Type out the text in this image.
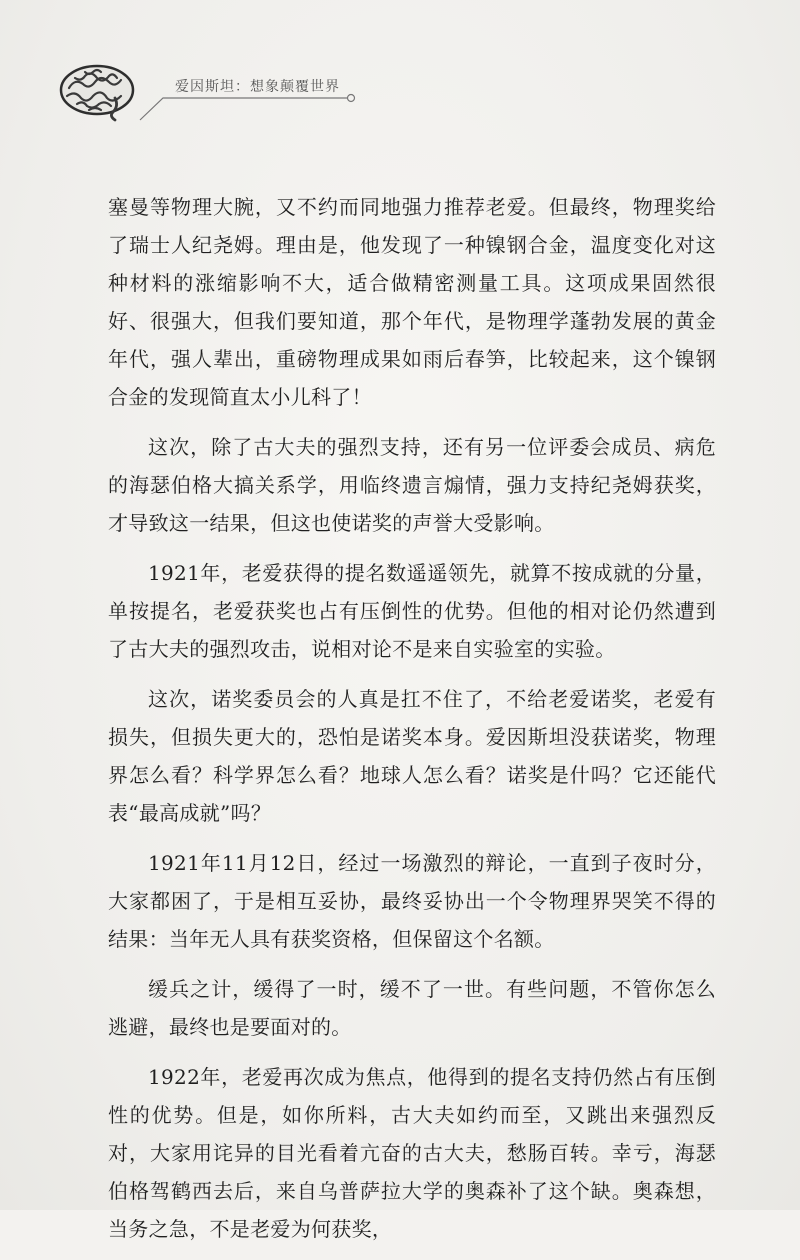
爱因斯坦：想象颠覆世界

塞曼等物理大腕，又不约而同地强力推荐老爱。但最终，物理奖给了瑞士人纪尧姆。理由是，他发现了一种镍钢合金，温度变化对这种材料的涨缩影响不大，适合做精密测量工具。这项成果固然很好、很强大，但我们要知道，那个年代，是物理学蓬勃发展的黄金年代，强人辈出，重磅物理成果如雨后春笋，比较起来，这个镍钢合金的发现简直太小儿科了！

这次，除了古大夫的强烈支持，还有另一位评委会成员、病危的海瑟伯格大搞关系学，用临终遗言煽情，强力支持纪尧姆获奖，才导致这一结果，但这也使诺奖的声誉大受影响。

1921年，老爱获得的提名数遥遥领先，就算不按成就的分量，单按提名，老爱获奖也占有压倒性的优势。但他的相对论仍然遭到了古大夫的强烈攻击，说相对论不是来自实验室的实验。

这次，诺奖委员会的人真是扛不住了，不给老爱诺奖，老爱有损失，但损失更大的，恐怕是诺奖本身。爱因斯坦没获诺奖，物理界怎么看？科学界怎么看？地球人怎么看？诺奖是什吗？它还能代表“最高成就”吗？

1921年11月12日，经过一场激烈的辩论，一直到子夜时分，大家都困了，于是相互妥协，最终妥协出一个令物理界哭笑不得的结果：当年无人具有获奖资格，但保留这个名额。

缓兵之计，缓得了一时，缓不了一世。有些问题，不管你怎么逃避，最终也是要面对的。

1922年，老爱再次成为焦点，他得到的提名支持仍然占有压倒性的优势。但是，如你所料，古大夫如约而至，又跳出来强烈反对，大家用诧异的目光看着亢奋的古大夫，愁肠百转。幸亏，海瑟伯格驾鹤西去后，来自乌普萨拉大学的奥森补了这个缺。奥森想，当务之急，不是老爱为何获奖，
